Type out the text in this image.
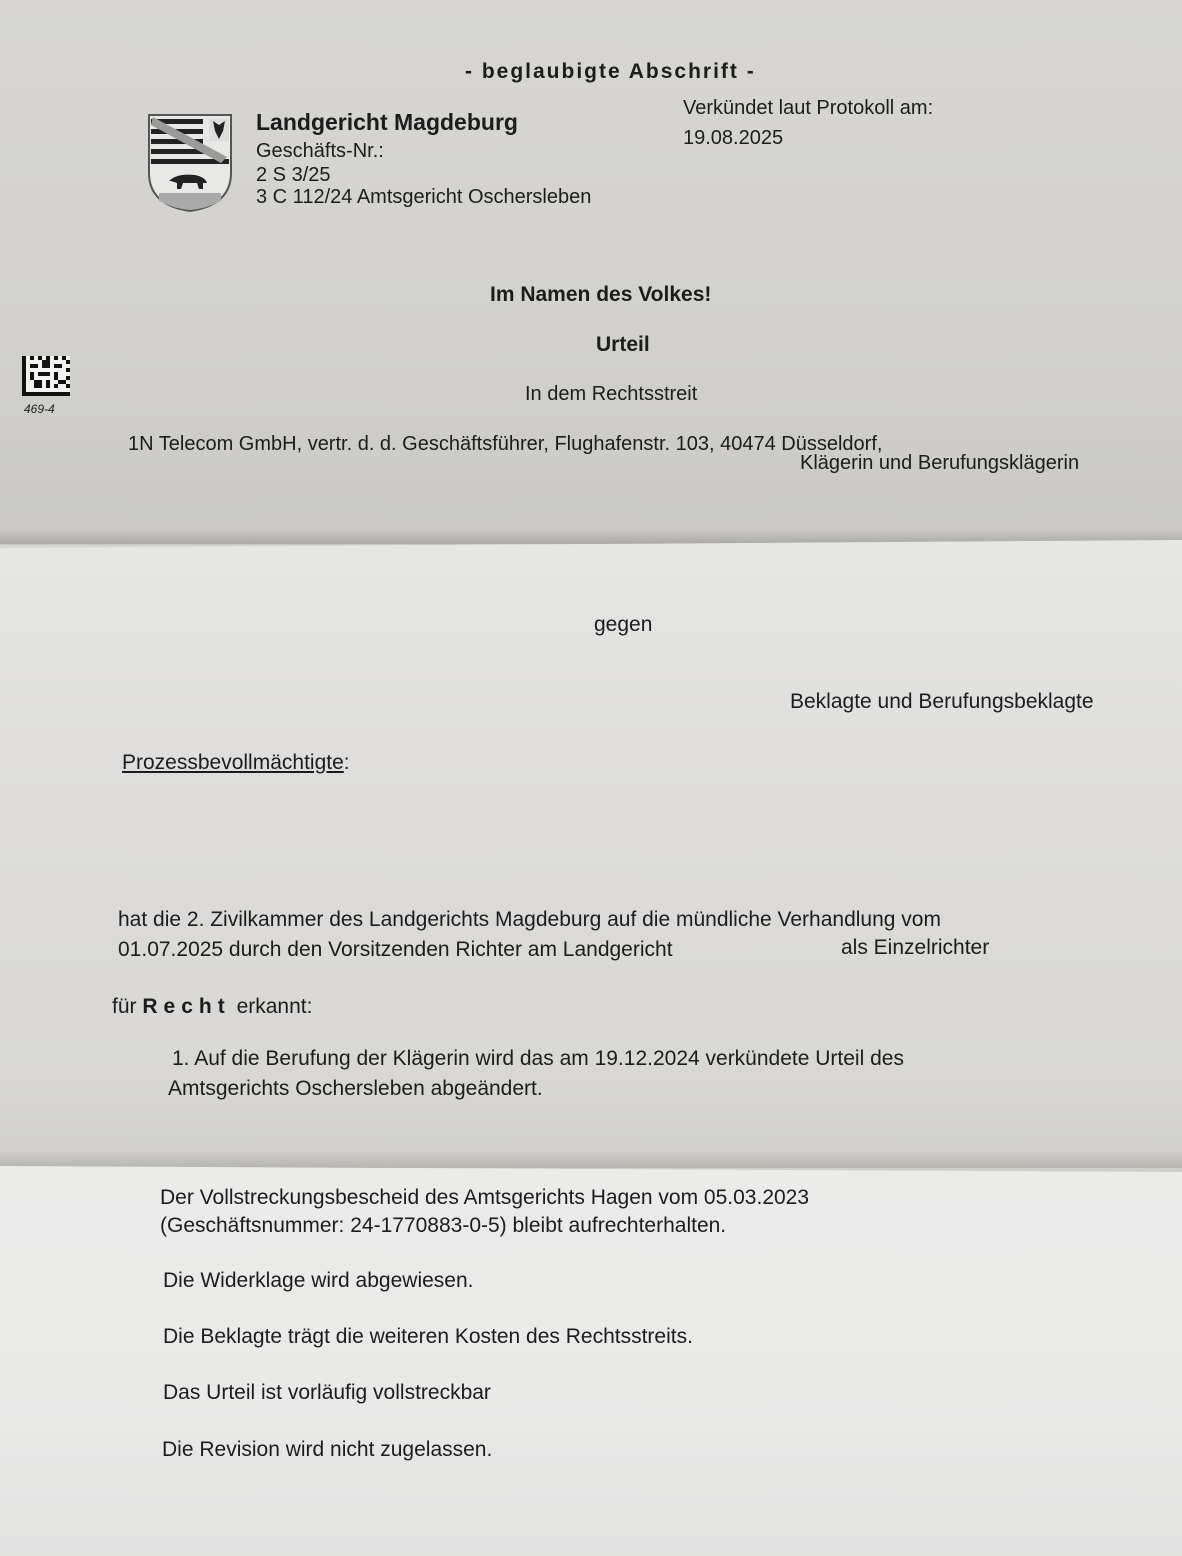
- beglaubigte Abschrift -
Landgericht Magdeburg
Geschäfts-Nr.:
2 S 3/25
3 C 112/24 Amtsgericht Oschersleben
Verkündet laut Protokoll am:
19.08.2025
Im Namen des Volkes!
Urteil
In dem Rechtsstreit
469-4
1N Telecom GmbH, vertr. d. d. Geschäftsführer, Flughafenstr. 103, 40474 Düsseldorf,
Klägerin und Berufungsklägerin
gegen
Beklagte und Berufungsbeklagte
Prozessbevollmächtigte:
hat die 2. Zivilkammer des Landgerichts Magdeburg auf die mündliche Verhandlung vom
01.07.2025 durch den Vorsitzenden Richter am Landgericht	als Einzelrichter
für Recht erkannt:
1. Auf die Berufung der Klägerin wird das am 19.12.2024 verkündete Urteil des
Amtsgerichts Oschersleben abgeändert.
Der Vollstreckungsbescheid des Amtsgerichts Hagen vom 05.03.2023
(Geschäftsnummer: 24-1770883-0-5) bleibt aufrechterhalten.
Die Widerklage wird abgewiesen.
Die Beklagte trägt die weiteren Kosten des Rechtsstreits.
Das Urteil ist vorläufig vollstreckbar
Die Revision wird nicht zugelassen.
